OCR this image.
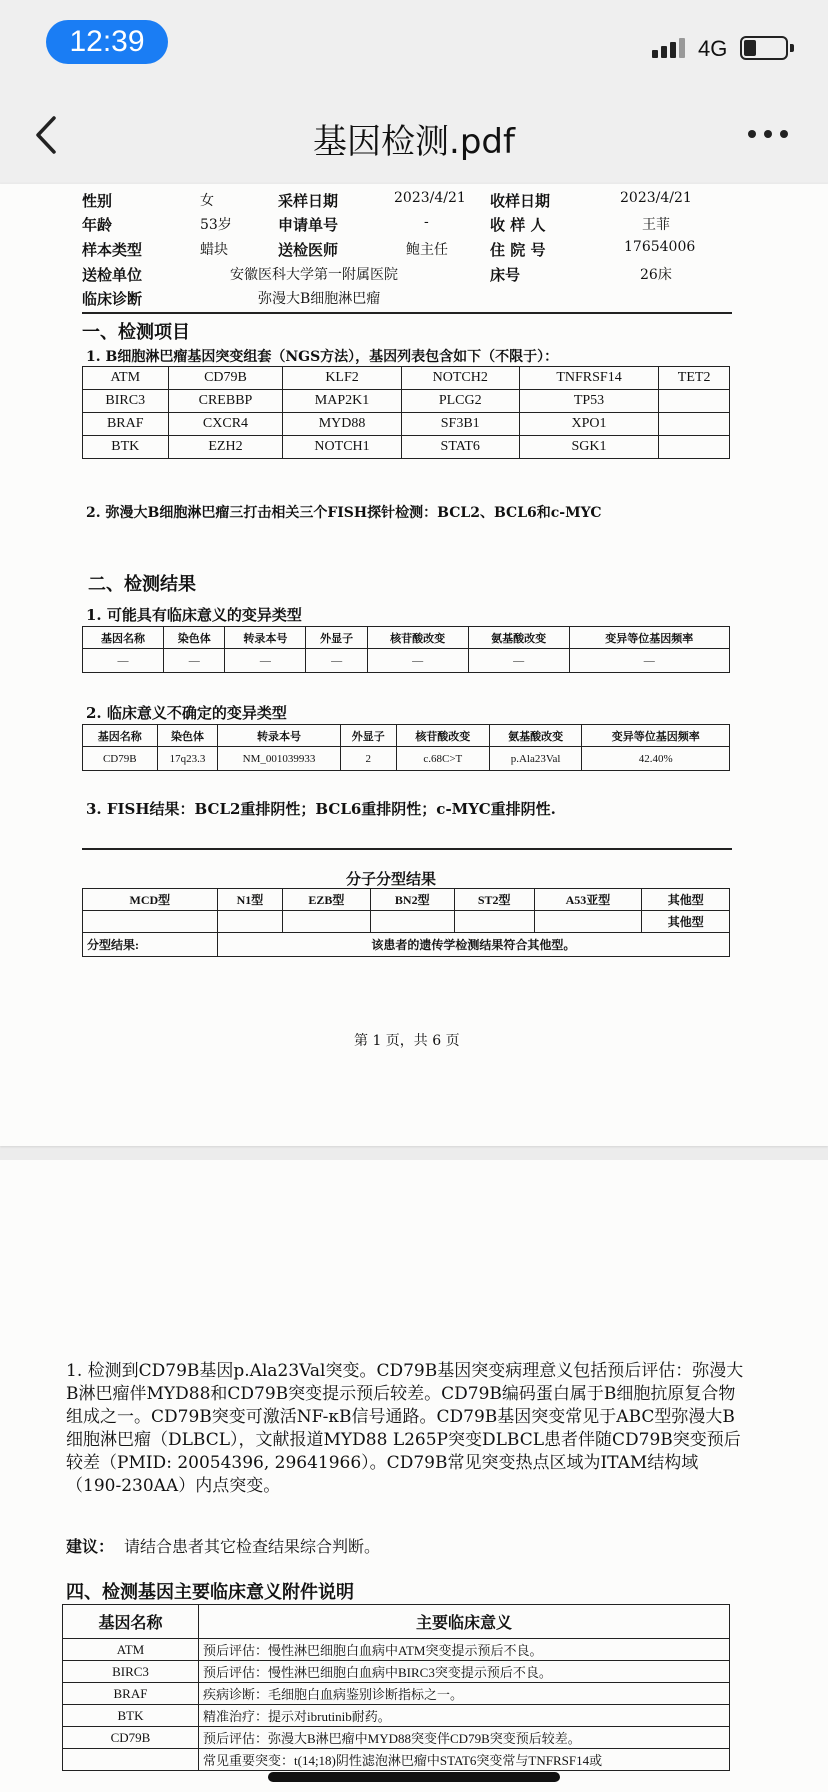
12:39	4G
基因检测.pdf
性别	女	采样日期	2023/4/21 收样日期	2023/4/21
年龄	53岁	申请单号	-	收 样 人	王菲
样本类型	蜡块	送检医师	鲍主任	住 院 号	17654006
送检单位	安徽医科大学第一附属医院	床号	26床
临床诊断	弥漫大B细胞淋巴瘤
一、检测项目
1. B细胞淋巴瘤基因突变组套（NGS方法），基因列表包含如下（不限于）：
ATM	CD79B	KLF2	NOTCH2	TNFRSF14	TET2
BIRC3	CREBBP	MAP2K1	PLCG2	TP53	
BRAF	CXCR4	MYD88	SF3B1	XPO1	
BTK	EZH2	NOTCH1	STAT6	SGK1	
2. 弥漫大B细胞淋巴瘤三打击相关三个FISH探针检测：BCL2、BCL6和c-MYC
二、检测结果
1. 可能具有临床意义的变异类型
基因名称	染色体	转录本号	外显子	核苷酸改变	氨基酸改变	变异等位基因频率
—	—	—	—	—	—	—
2. 临床意义不确定的变异类型
基因名称	染色体	转录本号	外显子	核苷酸改变	氨基酸改变	变异等位基因频率
CD79B	17q23.3	NM_001039933	2	c.68C>T	p.Ala23Val	42.40%
3. FISH结果：BCL2重排阴性；BCL6重排阴性；c-MYC重排阴性.
分子分型结果
MCD型	N1型	EZB型	BN2型	ST2型	A53亚型	其他型
						其他型
分型结果:	该患者的遗传学检测结果符合其他型。					
第 1 页，共 6 页
1. 检测到CD79B基因p.Ala23Val突变。CD79B基因突变病理意义包括预后评估：弥漫大B淋巴瘤伴MYD88和CD79B突变提示预后较差。CD79B编码蛋白属于B细胞抗原复合物组成之一。CD79B突变可激活NF-κB信号通路。CD79B基因突变常见于ABC型弥漫大B细胞淋巴瘤（DLBCL），文献报道MYD88 L265P突变DLBCL患者伴随CD79B突变预后较差（PMID: 20054396, 29641966）。CD79B常见突变热点区域为ITAM结构域（190-230AA）内点突变。
建议： 请结合患者其它检查结果综合判断。
四、检测基因主要临床意义附件说明
基因名称	主要临床意义
ATM	预后评估：慢性淋巴细胞白血病中ATM突变提示预后不良。
BIRC3	预后评估：慢性淋巴细胞白血病中BIRC3突变提示预后不良。
BRAF	疾病诊断：毛细胞白血病鉴别诊断指标之一。
BTK	精准治疗：提示对ibrutinib耐药。
CD79B	预后评估：弥漫大B淋巴瘤中MYD88突变伴CD79B突变预后较差。
	常见重要突变：t(14;18)阴性滤泡淋巴瘤中STAT6突变常与TNFRSF14或
